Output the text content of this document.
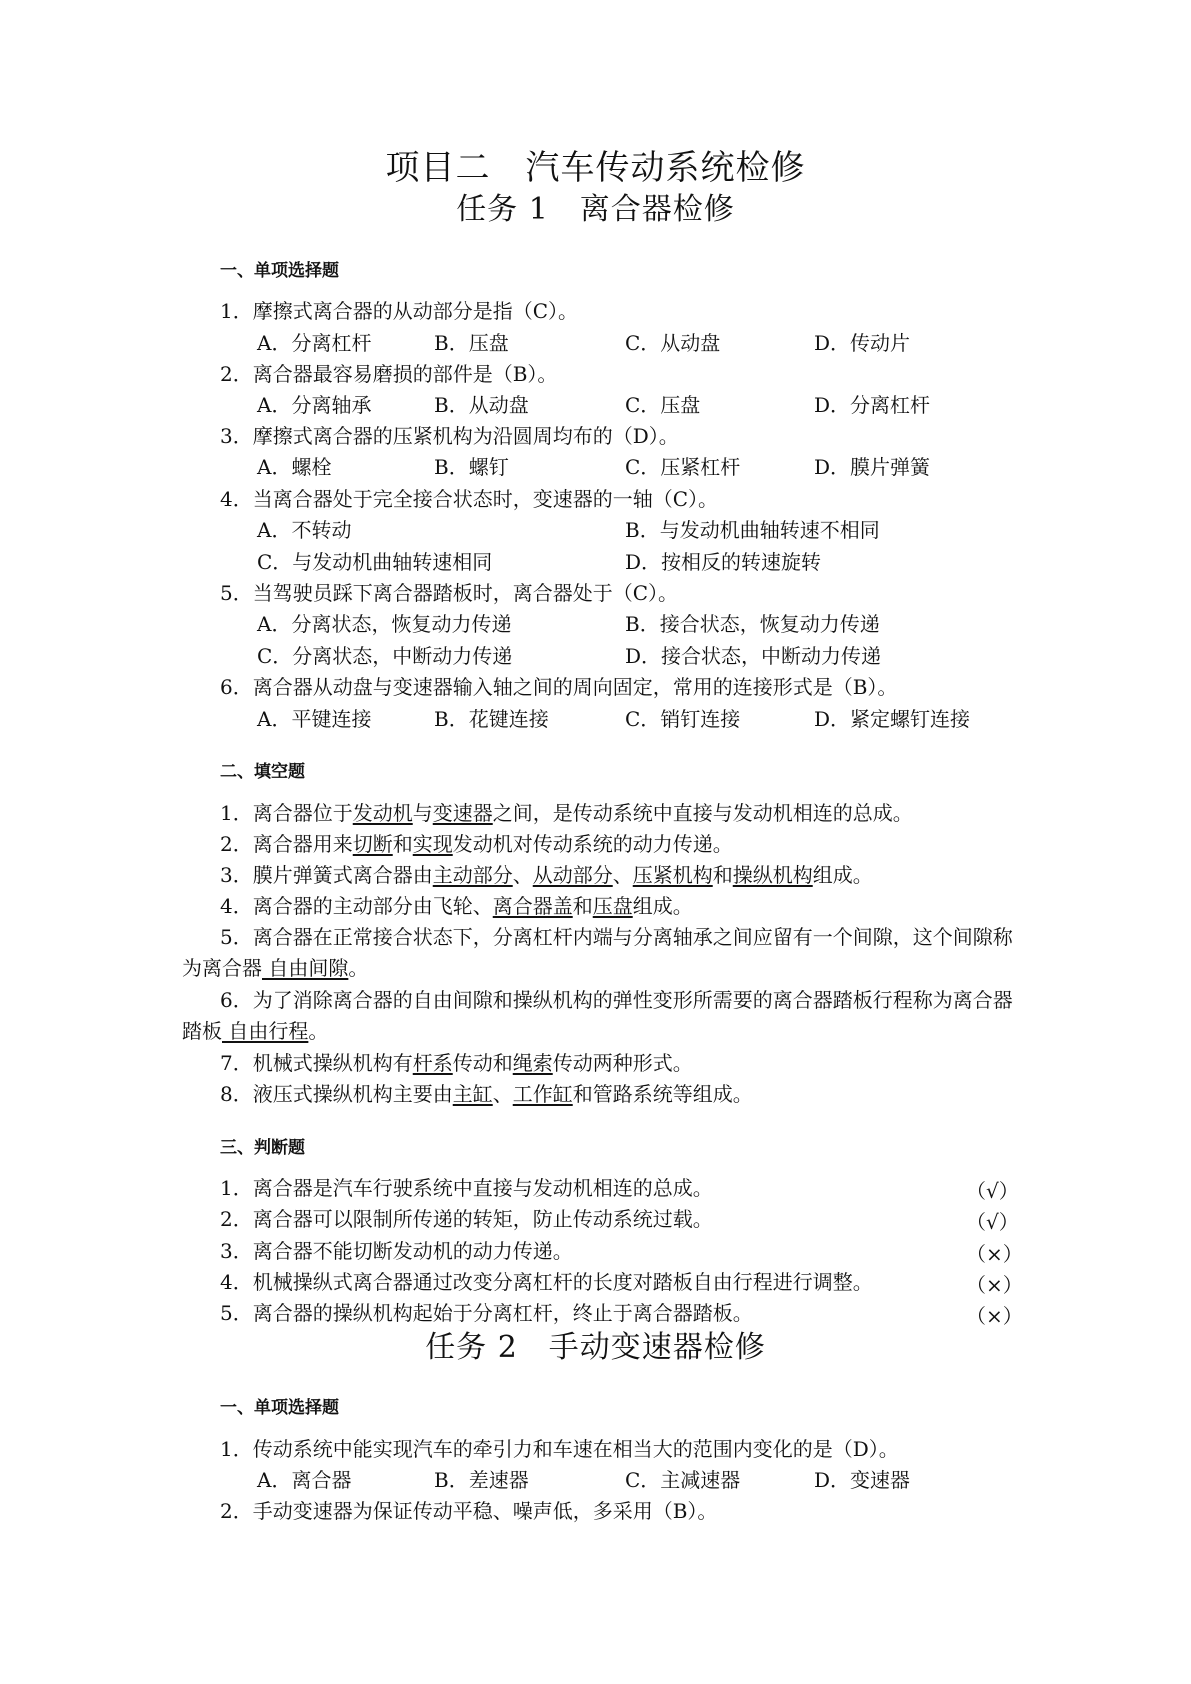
项目二　汽车传动系统检修
任务 1　离合器检修
一、单项选择题
1．摩擦式离合器的从动部分是指（C）。
A．分离杠杆	B．压盘	C．从动盘	D．传动片
2．离合器最容易磨损的部件是（B）。
A．分离轴承	B．从动盘	C．压盘	D．分离杠杆
3．摩擦式离合器的压紧机构为沿圆周均布的（D）。
A．螺栓	B．螺钉	C．压紧杠杆	D．膜片弹簧
4．当离合器处于完全接合状态时，变速器的一轴（C）。
A．不转动	B．与发动机曲轴转速不相同
C．与发动机曲轴转速相同	D．按相反的转速旋转
5．当驾驶员踩下离合器踏板时，离合器处于（C）。
A．分离状态，恢复动力传递	B．接合状态，恢复动力传递
C．分离状态，中断动力传递	D．接合状态，中断动力传递
6．离合器从动盘与变速器输入轴之间的周向固定，常用的连接形式是（B）。
A．平键连接	B．花键连接	C．销钉连接	D．紧定螺钉连接
二、填空题
1．离合器位于发动机与变速器之间，是传动系统中直接与发动机相连的总成。
2．离合器用来切断和实现发动机对传动系统的动力传递。
3．膜片弹簧式离合器由主动部分、从动部分、压紧机构和操纵机构组成。
4．离合器的主动部分由飞轮、离合器盖和压盘组成。
5．离合器在正常接合状态下，分离杠杆内端与分离轴承之间应留有一个间隙，这个间隙称为离合器 自由间隙。
6．为了消除离合器的自由间隙和操纵机构的弹性变形所需要的离合器踏板行程称为离合器踏板 自由行程。
7．机械式操纵机构有杆系传动和绳索传动两种形式。
8．液压式操纵机构主要由主缸、工作缸和管路系统等组成。
三、判断题
1．离合器是汽车行驶系统中直接与发动机相连的总成。	（√）
2．离合器可以限制所传递的转矩，防止传动系统过载。	（√）
3．离合器不能切断发动机的动力传递。	（×）
4．机械操纵式离合器通过改变分离杠杆的长度对踏板自由行程进行调整。	（×）
5．离合器的操纵机构起始于分离杠杆，终止于离合器踏板。	（×）
任务 2　手动变速器检修
一、单项选择题
1．传动系统中能实现汽车的牵引力和车速在相当大的范围内变化的是（D）。
A．离合器	B．差速器	C．主减速器	D．变速器
2．手动变速器为保证传动平稳、噪声低，多采用（B）。
